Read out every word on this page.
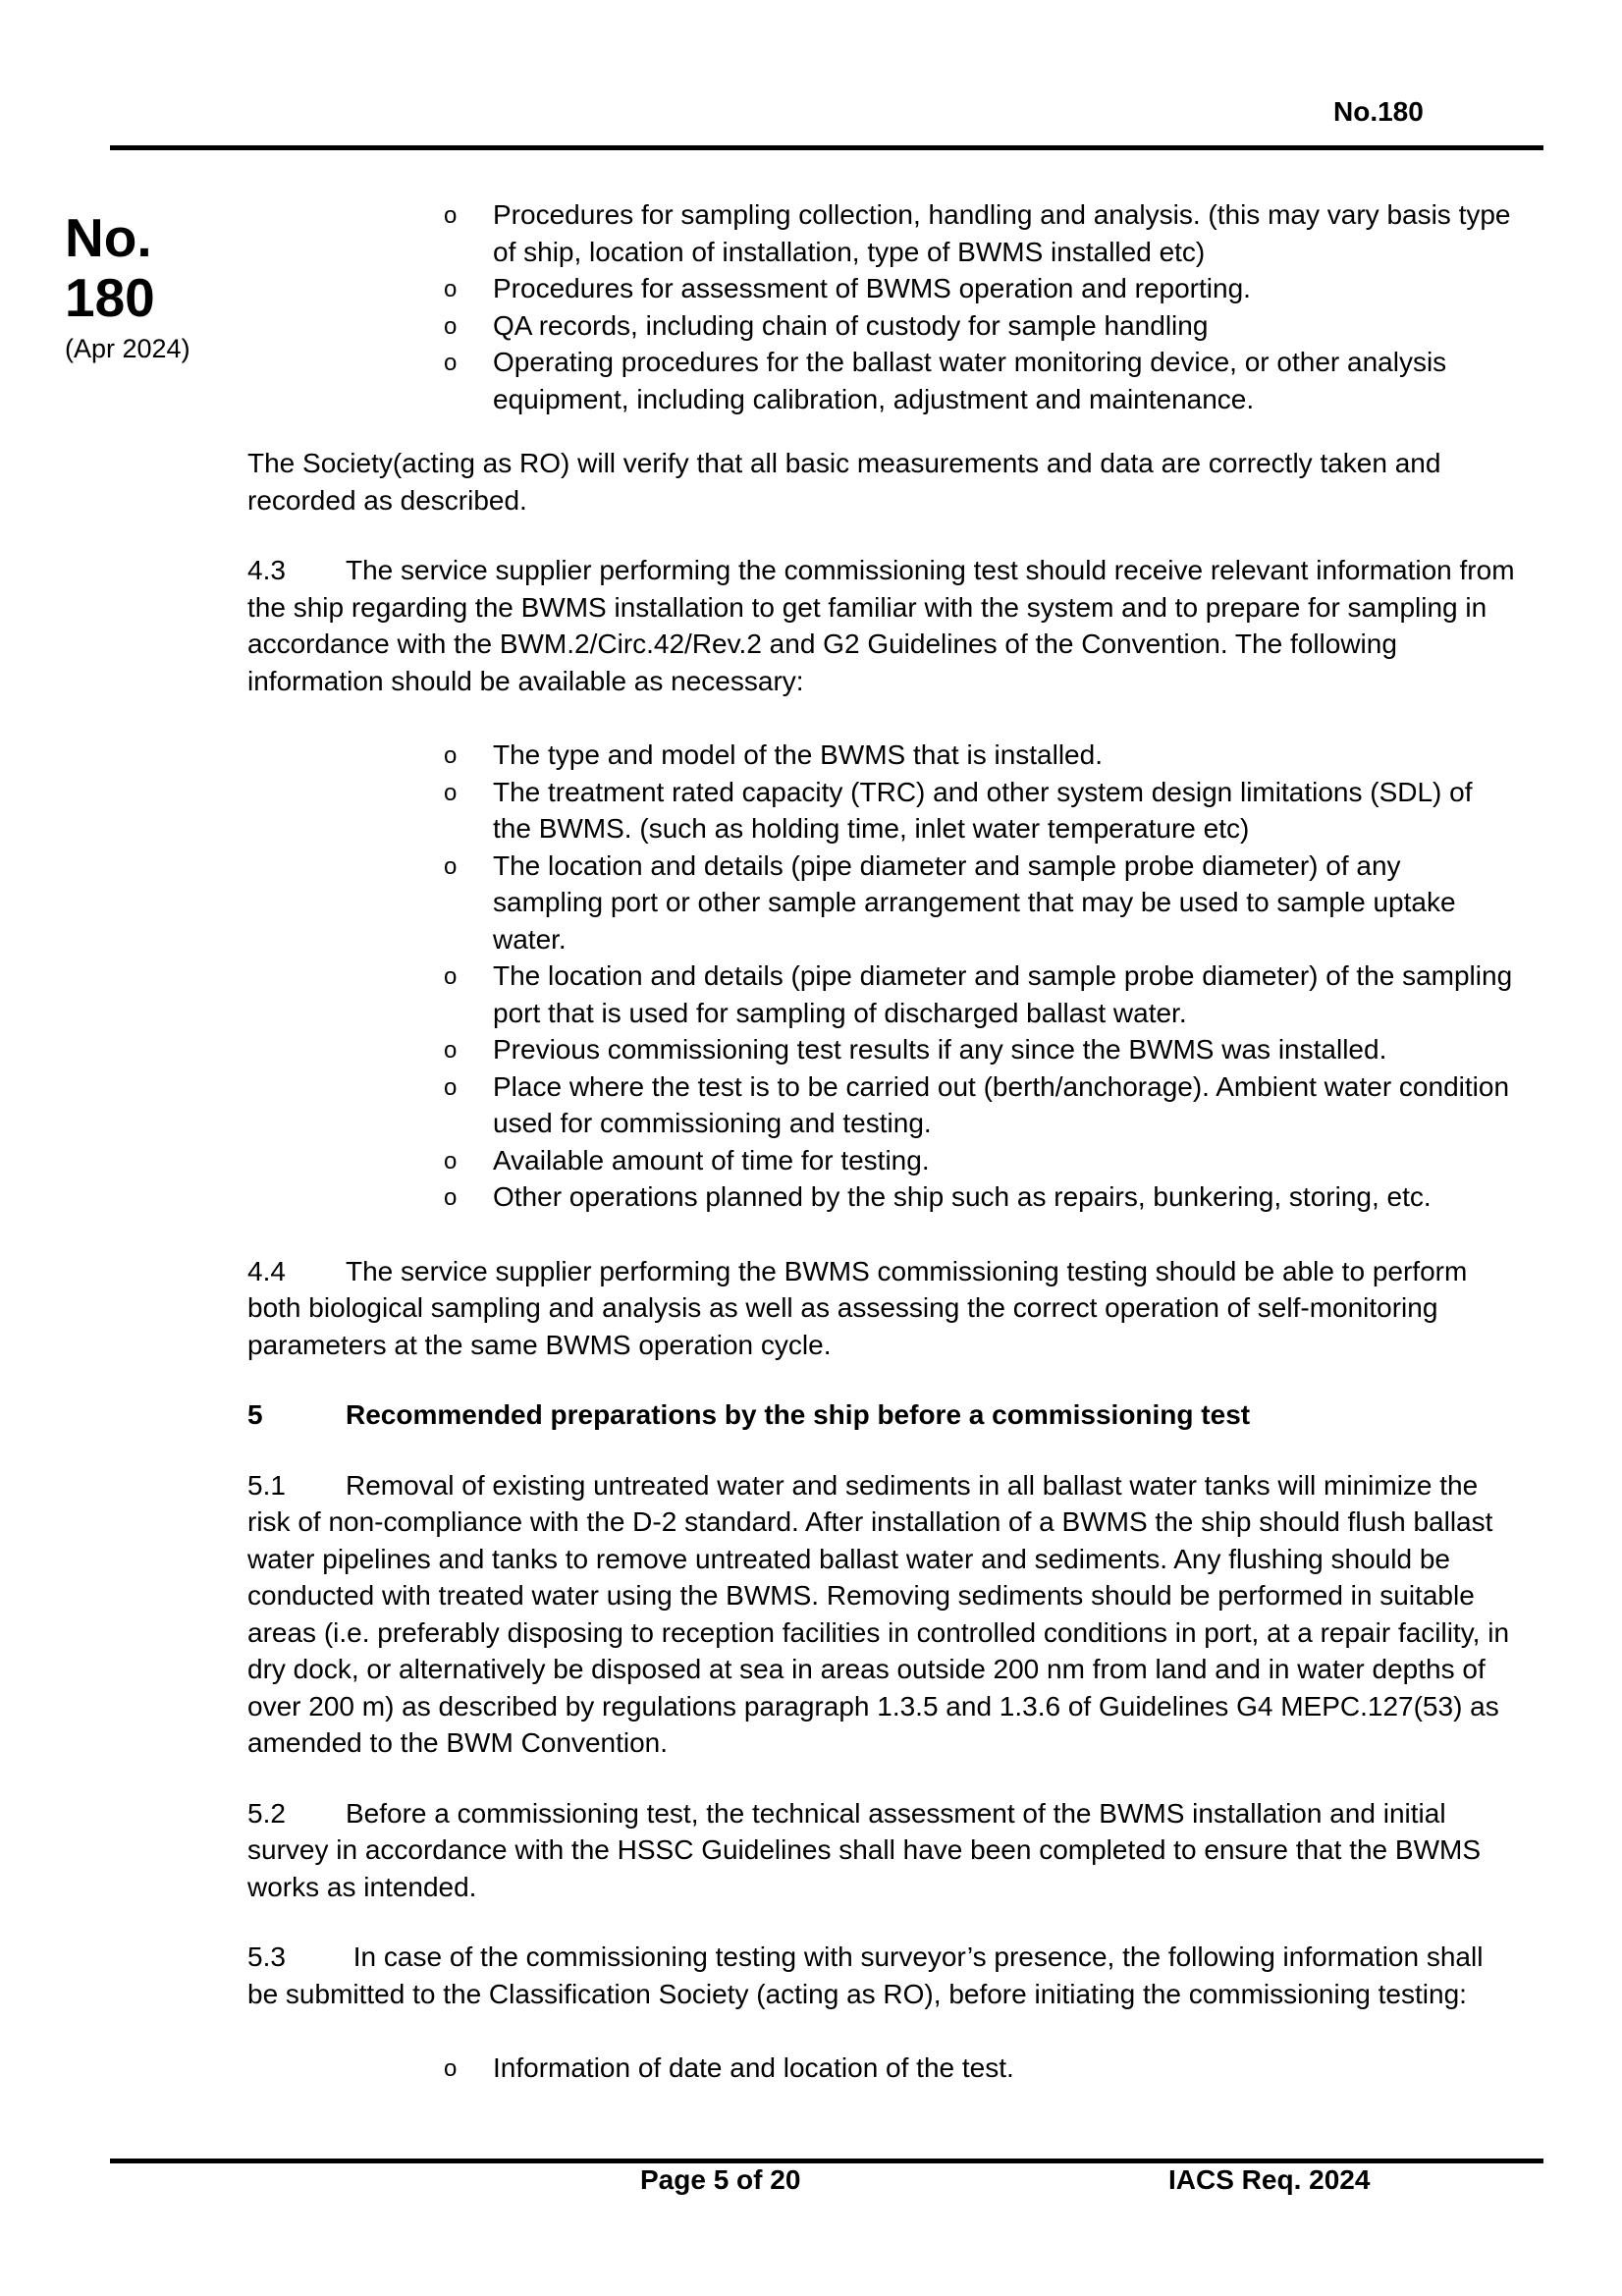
No.180
No.
180
(Apr 2024)
o Procedures for sampling collection, handling and analysis. (this may vary basis type of ship, location of installation, type of BWMS installed etc)
o Procedures for assessment of BWMS operation and reporting.
o QA records, including chain of custody for sample handling
o Operating procedures for the ballast water monitoring device, or other analysis equipment, including calibration, adjustment and maintenance.

The Society(acting as RO) will verify that all basic measurements and data are correctly taken and recorded as described.

4.3 The service supplier performing the commissioning test should receive relevant information from the ship regarding the BWMS installation to get familiar with the system and to prepare for sampling in accordance with the BWM.2/Circ.42/Rev.2 and G2 Guidelines of the Convention. The following information should be available as necessary:

o The type and model of the BWMS that is installed.
o The treatment rated capacity (TRC) and other system design limitations (SDL) of the BWMS. (such as holding time, inlet water temperature etc)
o The location and details (pipe diameter and sample probe diameter) of any sampling port or other sample arrangement that may be used to sample uptake water.
o The location and details (pipe diameter and sample probe diameter) of the sampling port that is used for sampling of discharged ballast water.
o Previous commissioning test results if any since the BWMS was installed.
o Place where the test is to be carried out (berth/anchorage). Ambient water condition used for commissioning and testing.
o Available amount of time for testing.
o Other operations planned by the ship such as repairs, bunkering, storing, etc.

4.4 The service supplier performing the BWMS commissioning testing should be able to perform both biological sampling and analysis as well as assessing the correct operation of self-monitoring parameters at the same BWMS operation cycle.

5	Recommended preparations by the ship before a commissioning test

5.1 Removal of existing untreated water and sediments in all ballast water tanks will minimize the risk of non-compliance with the D-2 standard. After installation of a BWMS the ship should flush ballast water pipelines and tanks to remove untreated ballast water and sediments. Any flushing should be conducted with treated water using the BWMS. Removing sediments should be performed in suitable areas (i.e. preferably disposing to reception facilities in controlled conditions in port, at a repair facility, in dry dock, or alternatively be disposed at sea in areas outside 200 nm from land and in water depths of over 200 m) as described by regulations paragraph 1.3.5 and 1.3.6 of Guidelines G4 MEPC.127(53) as amended to the BWM Convention.

5.2 Before a commissioning test, the technical assessment of the BWMS installation and initial survey in accordance with the HSSC Guidelines shall have been completed to ensure that the BWMS works as intended.

5.3 In case of the commissioning testing with surveyor’s presence, the following information shall be submitted to the Classification Society (acting as RO), before initiating the commissioning testing:

o Information of date and location of the test.
Page 5 of 20	IACS Req. 2024
